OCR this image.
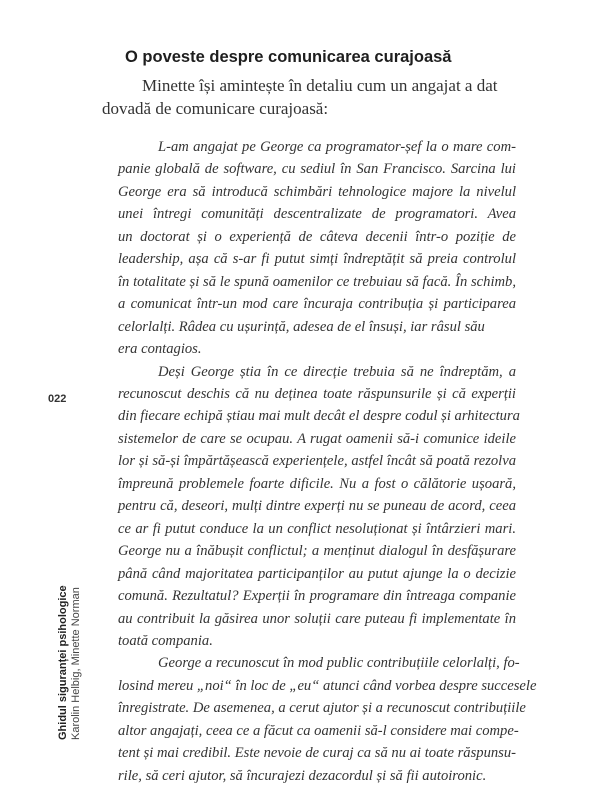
O poveste despre comunicarea curajoasă
Minette își amintește în detaliu cum un angajat a dat
dovadă de comunicare curajoasă:
L-am angajat pe George ca programator-șef la o mare com-
panie globală de software, cu sediul în San Francisco. Sarcina lui
George era să introducă schimbări tehnologice majore la nivelul
unei întregi comunități descentralizate de programatori. Avea
un doctorat și o experiență de câteva decenii într-o poziție de
leadership, așa că s-ar fi putut simți îndreptățit să preia controlul
în totalitate și să le spună oamenilor ce trebuiau să facă. În schimb,
a comunicat într-un mod care încuraja contribuția și participarea
celorlalți. Râdea cu ușurință, adesea de el însuși, iar râsul său
era contagios.
Deși George știa în ce direcție trebuia să ne îndreptăm, a
recunoscut deschis că nu deținea toate răspunsurile și că experții
din fiecare echipă știau mai mult decât el despre codul și arhitectura
sistemelor de care se ocupau. A rugat oamenii să-i comunice ideile
lor și să-și împărtășească experiențele, astfel încât să poată rezolva
împreună problemele foarte dificile. Nu a fost o călătorie ușoară,
pentru că, deseori, mulți dintre experți nu se puneau de acord, ceea
ce ar fi putut conduce la un conflict nesoluționat și întârzieri mari.
George nu a înăbușit conflictul; a menținut dialogul în desfășurare
până când majoritatea participanților au putut ajunge la o decizie
comună. Rezultatul? Experții în programare din întreaga companie
au contribuit la găsirea unor soluții care puteau fi implementate în
toată compania.
George a recunoscut în mod public contribuțiile celorlalți, fo-
losind mereu „noi“ în loc de „eu“ atunci când vorbea despre succesele
înregistrate. De asemenea, a cerut ajutor și a recunoscut contribuțiile
altor angajați, ceea ce a făcut ca oamenii să-l considere mai compe-
tent și mai credibil. Este nevoie de curaj ca să nu ai toate răspunsu-
rile, să ceri ajutor, să încurajezi dezacordul și să fii autoironic.
022
Ghidul siguranței psihologice Karolin Helbig, Minette Norman
